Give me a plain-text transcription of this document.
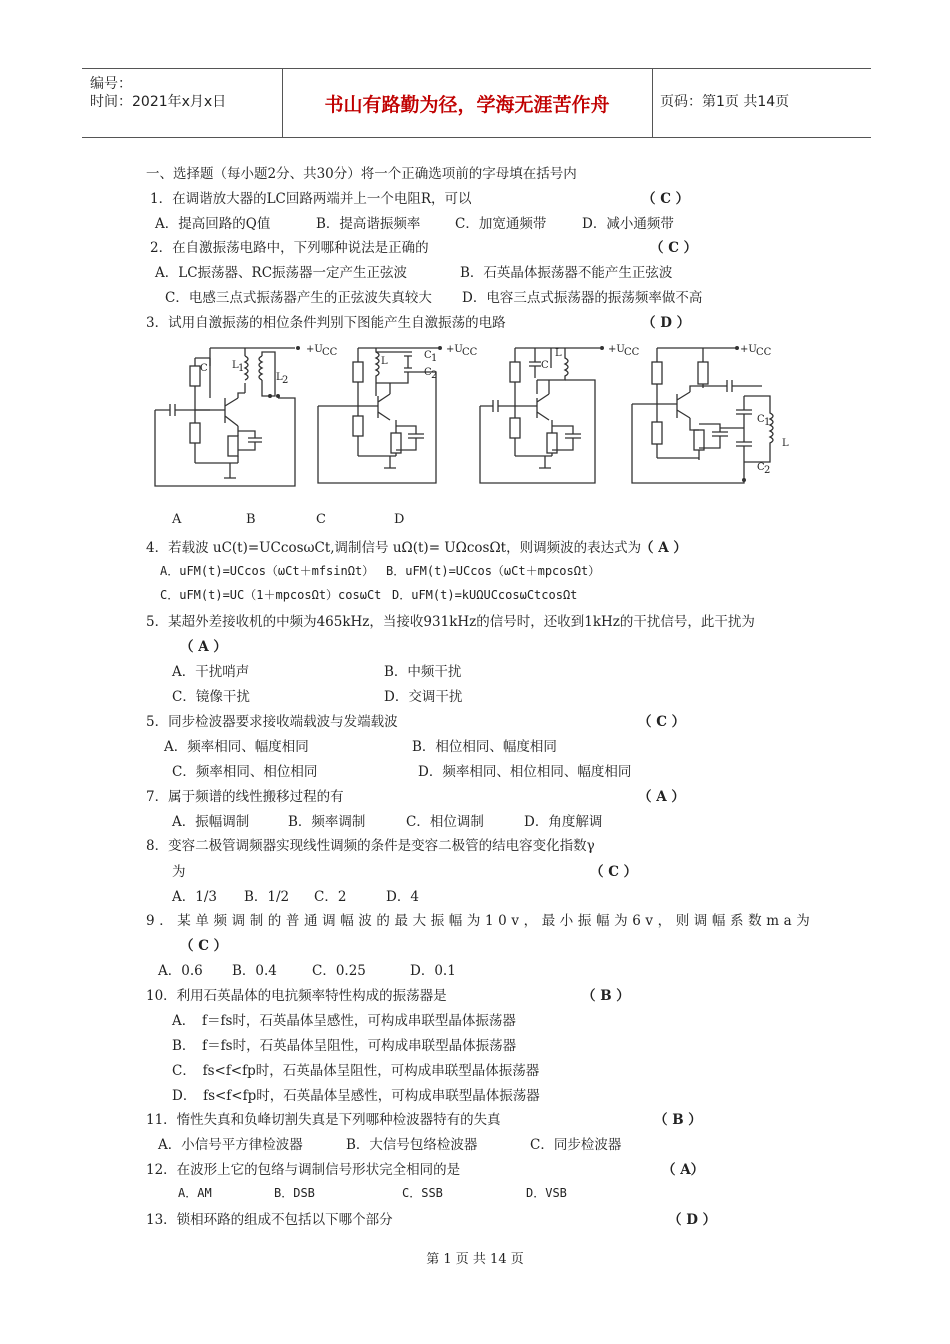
编号：
时间：2021年x月x日	书山有路勤为径，学海无涯苦作舟	页码：第1页 共14页
一、选择题（每小题2分、共30分）将一个正确选项前的字母填在括号内
1．在调谐放大器的LC回路两端并上一个电阻R，可以	（ C ）
A．提高回路的Q值	B．提高谐振频率	C．加宽通频带	D．减小通频带
2．在自激振荡电路中，下列哪种说法是正确的	（ C ）
A．LC振荡器、RC振荡器一定产生正弦波	B．石英晶体振荡器不能产生正弦波
C．电感三点式振荡器产生的正弦波失真较大 D．电容三点式振荡器的振荡频率做不高
3．试用自激振荡的相位条件判别下图能产生自激振荡的电路	（ D ）
+U CC
C L 1
L 2
+U CC
L
C 1
C 2
+U CC
C
L	+U CC
C 1
C 2
L
A	B	C	D
4．若载波 uC(t)=UCcosωCt,调制信号 uΩ(t)= UΩcosΩt，则调频波的表达式为
（ A ）
A．uFM(t)=UCcos（ωCt＋mfsinΩt） B．uFM(t)=UCcos（ωCt＋mpcosΩt）
C．uFM(t)=UC（1＋mpcosΩt）cosωCt D．uFM(t)=kUΩUCcosωCtcosΩt
5．某超外差接收机的中频为465kHz，当接收931kHz的信号时，还收到1kHz的干扰信号，此干扰为
（ A ）
A．干扰哨声	B．中频干扰
C．镜像干扰	D．交调干扰
5．同步检波器要求接收端载波与发端载波	（ C ）
A．频率相同、幅度相同	B．相位相同、幅度相同
C．频率相同、相位相同	D．频率相同、相位相同、幅度相同
7．属于频谱的线性搬移过程的有	（ A ）
A．振幅调制	B．频率调制	C．相位调制	D．角度解调
8．变容二极管调频器实现线性调频的条件是变容二极管的结电容变化指数γ
为	（ C ）
A．1/3 B．1/2 C．2	D．4
9．某单频调制的普通调幅波的最大振幅为10v，最小振幅为6v，则调幅系数ma为
（ C ）
A．0.6 B．0.4	C．0.25	D．0.1
10．利用石英晶体的电抗频率特性构成的振荡器是	（ B ）
A．　f＝fs时，石英晶体呈感性，可构成串联型晶体振荡器
B．　f＝fs时，石英晶体呈阻性，可构成串联型晶体振荡器
C．　fs<f<fp时，石英晶体呈阻性，可构成串联型晶体振荡器
D．　fs<f<fp时，石英晶体呈感性，可构成串联型晶体振荡器
11．惰性失真和负峰切割失真是下列哪种检波器特有的失真	（ B ）
A．小信号平方律检波器	B．大信号包络检波器	C．同步检波器
12．在波形上它的包络与调制信号形状完全相同的是	（ A）
A．AM	B．DSB	C．SSB	D．VSB
13．锁相环路的组成不包括以下哪个部分	（ D ）
第 1 页 共 14 页
